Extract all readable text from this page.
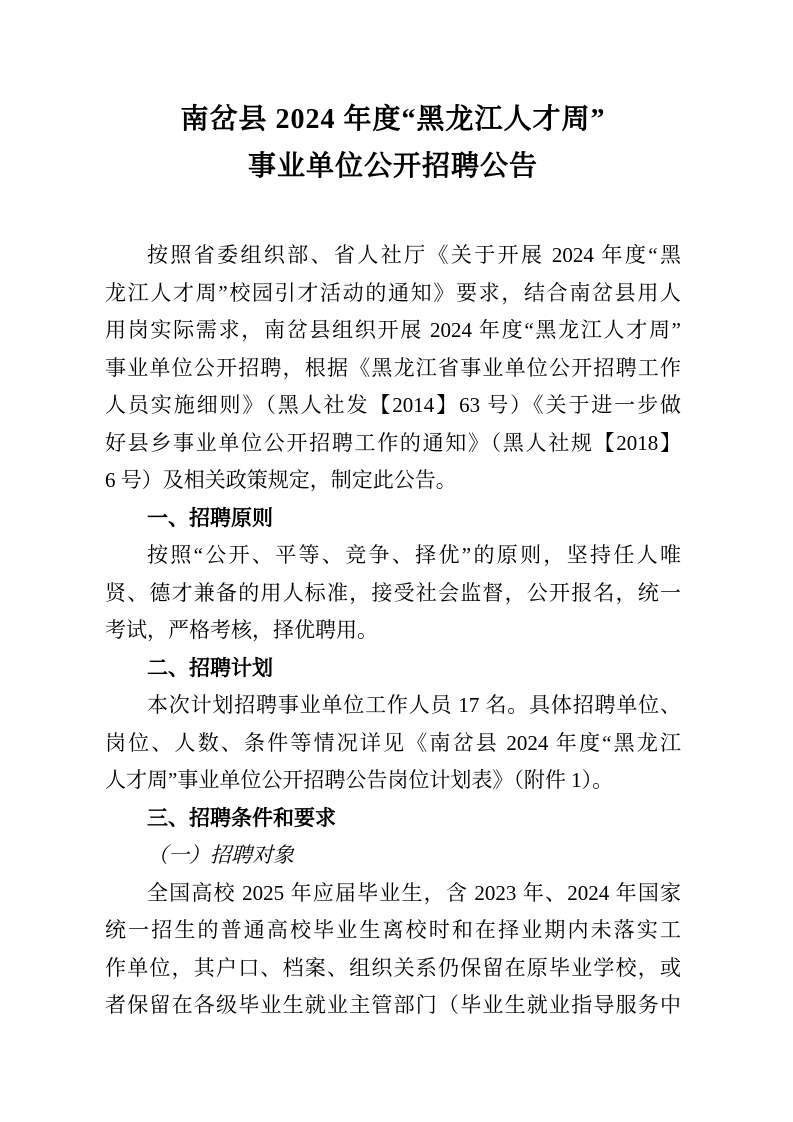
南岔县 2024 年度“黑龙江人才周”
事业单位公开招聘公告
按照省委组织部、省人社厅《关于开展 2024 年度“黑
龙江人才周”校园引才活动的通知》要求，结合南岔县用人
用岗实际需求，南岔县组织开展 2024 年度“黑龙江人才周”
事业单位公开招聘，根据《黑龙江省事业单位公开招聘工作
人员实施细则》（黑人社发【2014】63 号）《关于进一步做
好县乡事业单位公开招聘工作的通知》（黑人社规【2018】
6 号）及相关政策规定，制定此公告。
一、招聘原则
按照“公开、平等、竞争、择优”的原则，坚持任人唯
贤、德才兼备的用人标准，接受社会监督，公开报名，统一
考试，严格考核，择优聘用。
二、招聘计划
本次计划招聘事业单位工作人员 17 名。具体招聘单位、
岗位、人数、条件等情况详见《南岔县 2024 年度“黑龙江
人才周”事业单位公开招聘公告岗位计划表》（附件 1）。
三、招聘条件和要求
（一）招聘对象
全国高校 2025 年应届毕业生，含 2023 年、2024 年国家
统一招生的普通高校毕业生离校时和在择业期内未落实工
作单位，其户口、档案、组织关系仍保留在原毕业学校，或
者保留在各级毕业生就业主管部门（毕业生就业指导服务中
